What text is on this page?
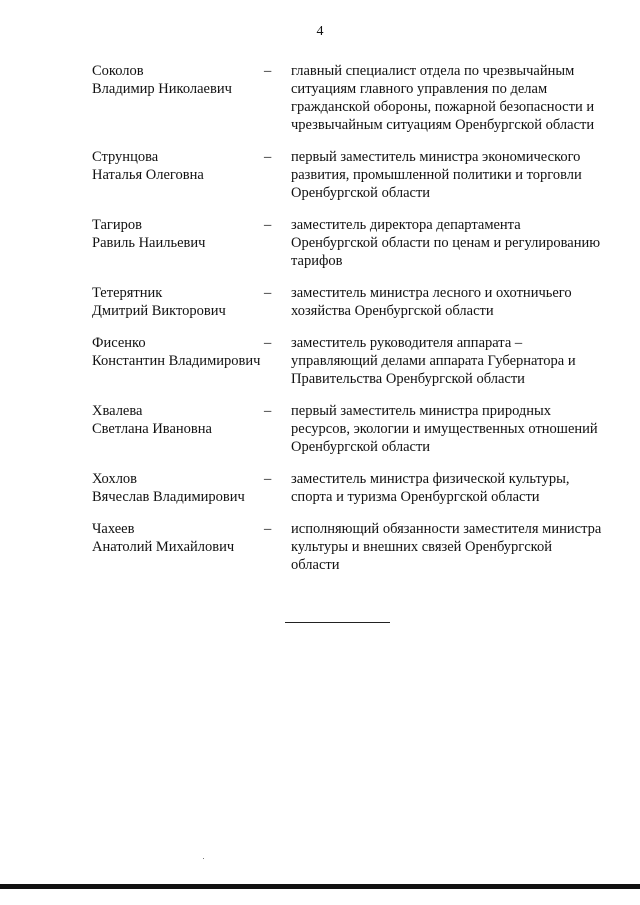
4
Соколов
Владимир Николаевич
–	главный специалист отдела по чрезвычайным ситуациям главного управления по делам гражданской обороны, пожарной безопасности и чрезвычайным ситуациям Оренбургской области
Струнцова
Наталья Олеговна
–	первый заместитель министра экономического развития, промышленной политики и торговли Оренбургской области
Тагиров
Равиль Наильевич
–	заместитель директора департамента Оренбургской области по ценам и регулированию тарифов
Тетерятник
Дмитрий Викторович
–	заместитель министра лесного и охотничьего хозяйства Оренбургской области
Фисенко
Константин Владимирович
–	заместитель руководителя аппарата – управляющий делами аппарата Губернатора и Правительства Оренбургской области
Хвалева
Светлана Ивановна
–	первый заместитель министра природных ресурсов, экологии и имущественных отношений Оренбургской области
Хохлов
Вячеслав Владимирович
–	заместитель министра физической культуры, спорта и туризма Оренбургской области
Чахеев
Анатолий Михайлович
–	исполняющий обязанности заместителя министра культуры и внешних связей Оренбургской области
